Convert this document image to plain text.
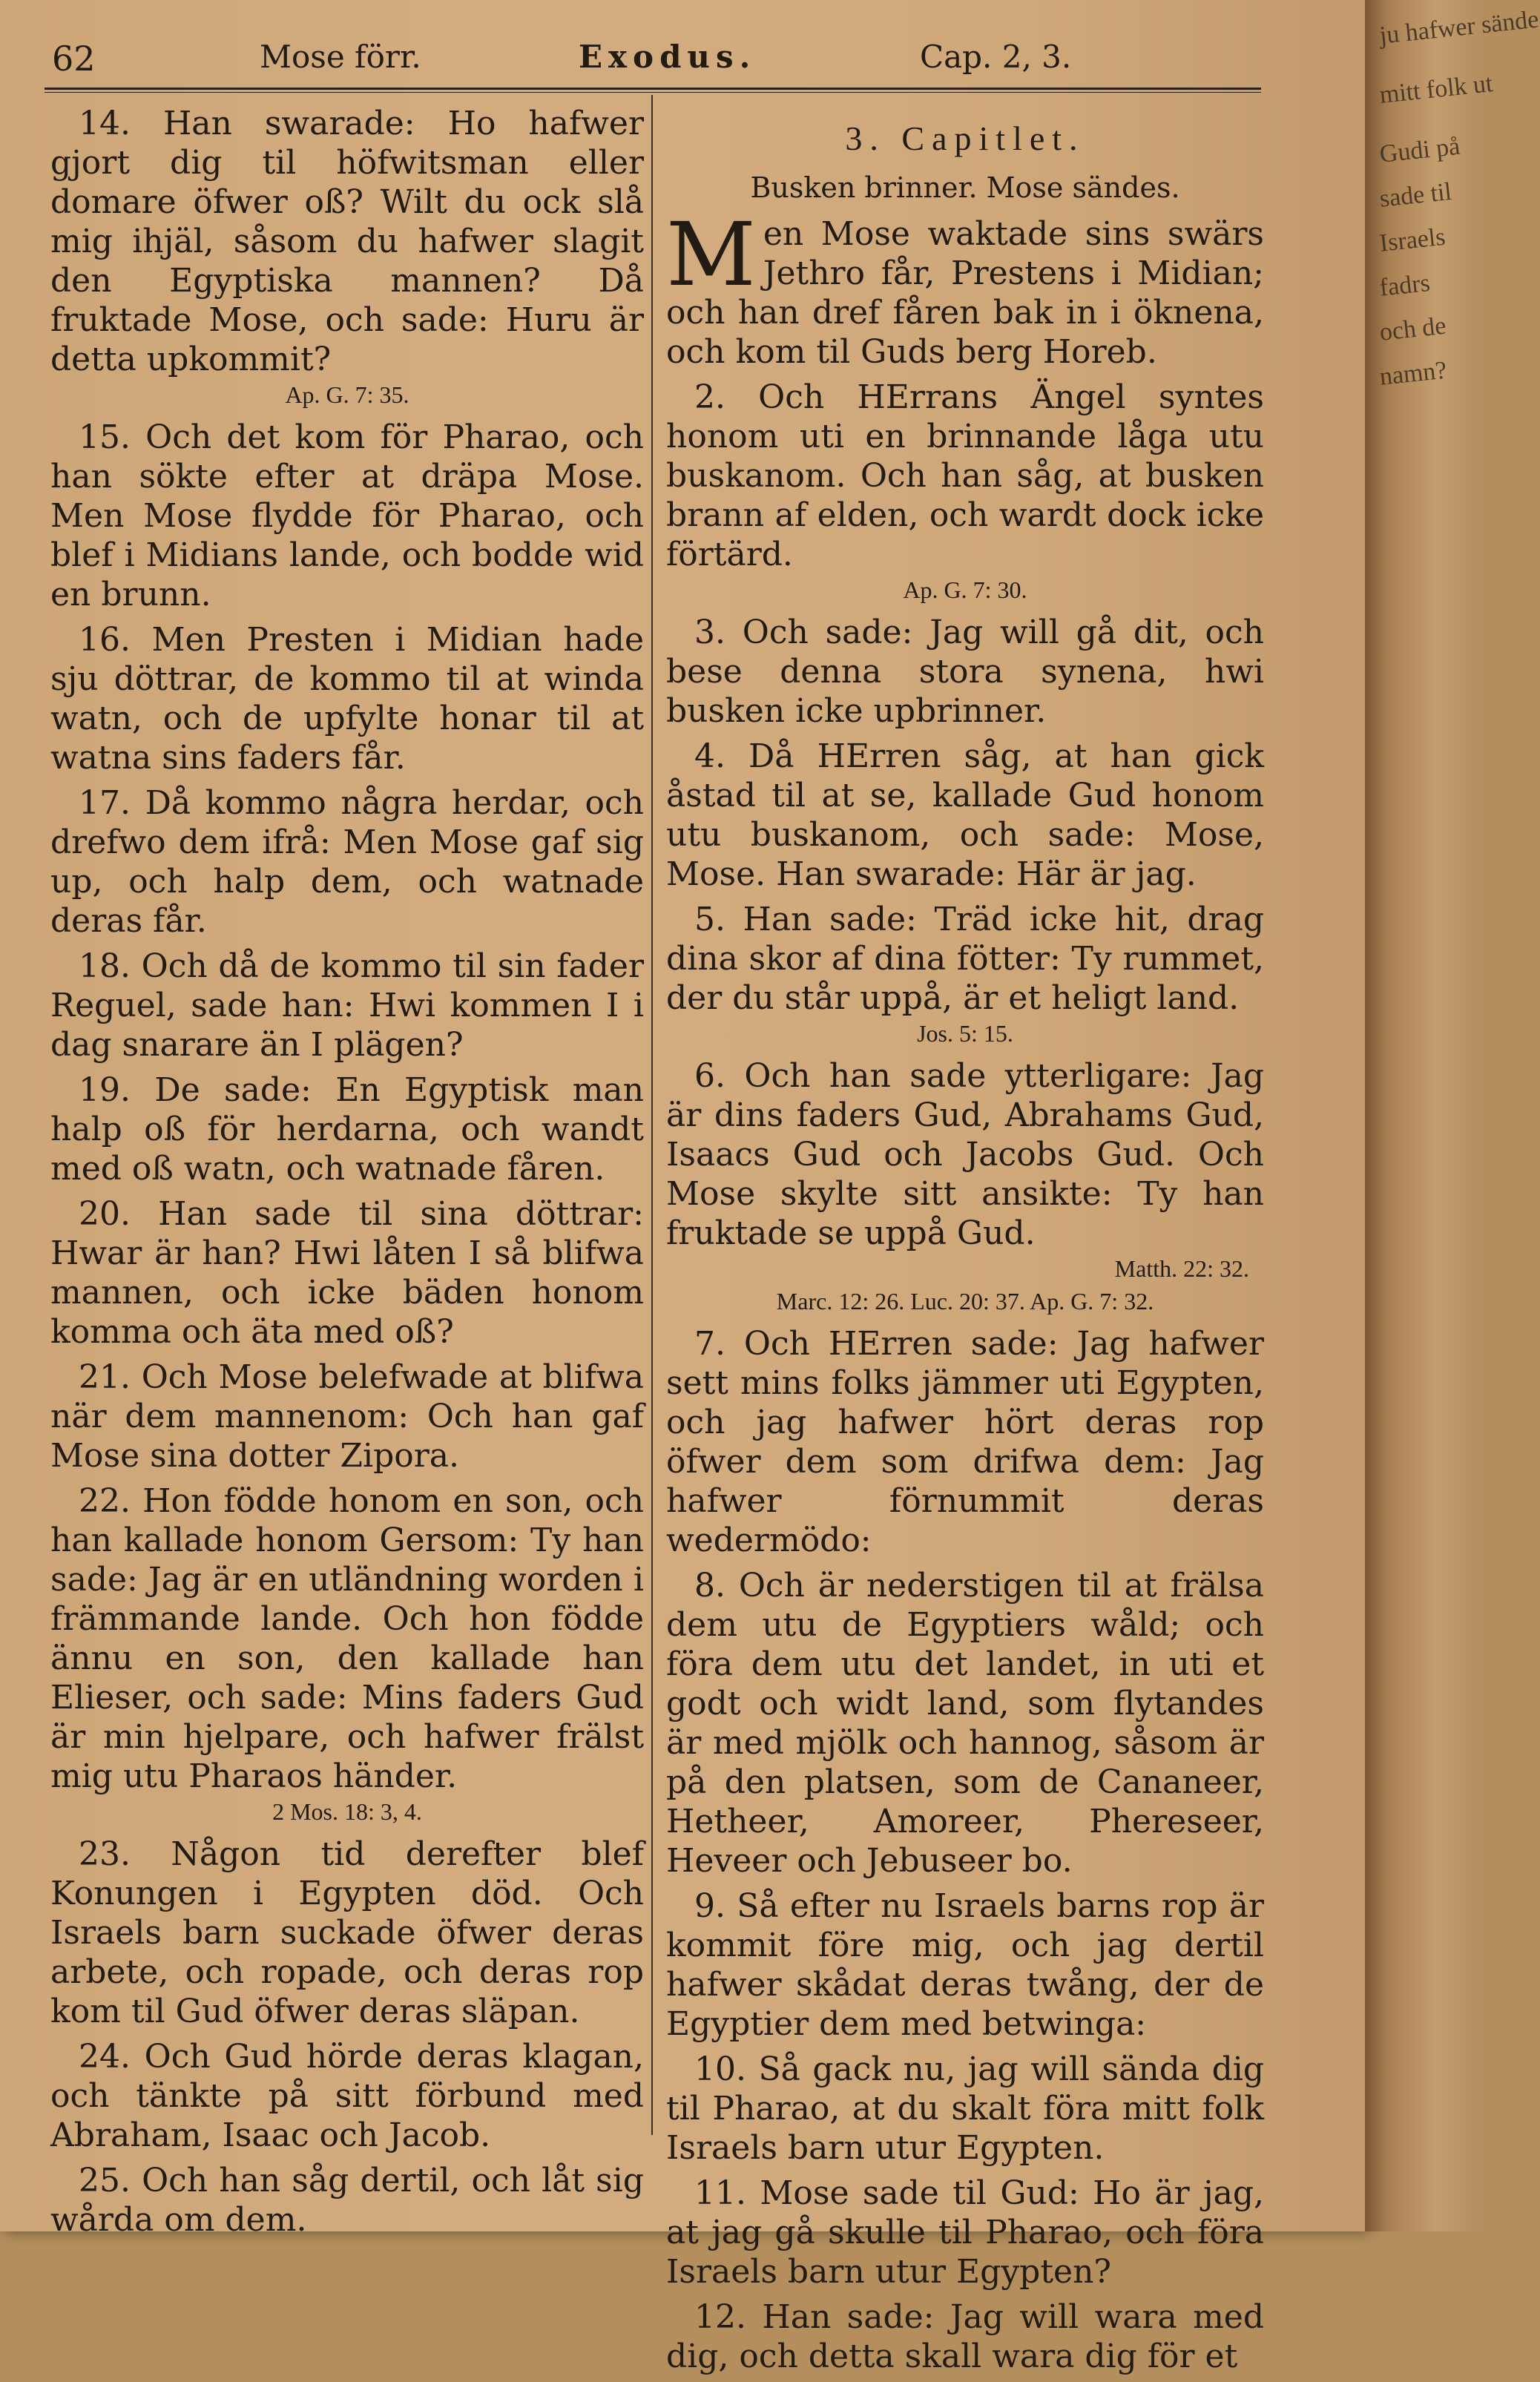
62	Mose förr.	Exodus.	Cap. 2, 3.

14. Han swarade: Ho hafwer gjort dig til höfwitsman eller domare öfwer oß? Wilt du ock slå mig ihjäl, såsom du hafwer slagit den Egyptiska mannen? Då fruktade Mose, och sade: Huru är detta upkommit?

Ap. G. 7: 35.

15. Och det kom för Pharao, och han sökte efter at dräpa Mose. Men Mose flydde för Pharao, och blef i Midians lande, och bodde wid en brunn.

16. Men Presten i Midian hade sju döttrar, de kommo til at winda watn, och de upfylte honar til at watna sins faders får.

17. Då kommo några herdar, och drefwo dem ifrå: Men Mose gaf sig up, och halp dem, och watnade deras får.

18. Och då de kommo til sin fader Reguel, sade han: Hwi kommen I i dag snarare än I plägen?

19. De sade: En Egyptisk man halp oß för herdarna, och wandt med oß watn, och watnade fåren.

20. Han sade til sina döttrar: Hwar är han? Hwi låten I så blifwa mannen, och icke bäden honom komma och äta med oß?

21. Och Mose belefwade at blifwa när dem mannenom: Och han gaf Mose sina dotter Zipora.

22. Hon födde honom en son, och han kallade honom Gersom: Ty han sade: Jag är en utländning worden i främmande lande. Och hon födde ännu en son, den kallade han Elieser, och sade: Mins faders Gud är min hjelpare, och hafwer frälst mig utu Pharaos händer.

2 Mos. 18: 3, 4.

23. Någon tid derefter blef Konungen i Egypten död. Och Israels barn suckade öfwer deras arbete, och ropade, och deras rop kom til Gud öfwer deras släpan.

24. Och Gud hörde deras klagan, och tänkte på sitt förbund med Abraham, Isaac och Jacob.

25. Och han såg dertil, och låt sig wårda om dem.

3. Capitlet.
Busken brinner. Mose sändes.

Men Mose waktade sins swärs Jethro får, Prestens i Midian; och han dref fåren bak in i öknena, och kom til Guds berg Horeb.

2. Och HErrans Ängel syntes honom uti en brinnande låga utu buskanom. Och han såg, at busken brann af elden, och wardt dock icke förtärd.

Ap. G. 7: 30.

3. Och sade: Jag will gå dit, och bese denna stora synena, hwi busken icke upbrinner.

4. Då HErren såg, at han gick åstad til at se, kallade Gud honom utu buskanom, och sade: Mose, Mose. Han swarade: Här är jag.

5. Han sade: Träd icke hit, drag dina skor af dina fötter: Ty rummet, der du står uppå, är et heligt land.

Jos. 5: 15.

6. Och han sade ytterligare: Jag är dins faders Gud, Abrahams Gud, Isaacs Gud och Jacobs Gud. Och Mose skylte sitt ansikte: Ty han fruktade se uppå Gud.

Matth. 22: 32.
Marc. 12: 26. Luc. 20: 37. Ap. G. 7: 32.

7. Och HErren sade: Jag hafwer sett mins folks jämmer uti Egypten, och jag hafwer hört deras rop öfwer dem som drifwa dem: Jag hafwer förnummit deras wedermödo:

8. Och är nederstigen til at frälsa dem utu de Egyptiers wåld; och föra dem utu det landet, in uti et godt och widt land, som flytandes är med mjölk och hannog, såsom är på den platsen, som de Cananeer, Hetheer, Amoreer, Phereseer, Heveer och Jebuseer bo.

9. Så efter nu Israels barns rop är kommit före mig, och jag dertil hafwer skådat deras twång, der de Egyptier dem med betwinga:

10. Så gack nu, jag will sända dig til Pharao, at du skalt föra mitt folk Israels barn utur Egypten.

11. Mose sade til Gud: Ho är jag, at jag gå skulle til Pharao, och föra Israels barn utur Egypten?

12. Han sade: Jag will wara med dig, och detta skall wara dig för et

ju hafwer sände
mitt folk ut
Gudi på
sade til
Israels
fadrs
och de
namn?
